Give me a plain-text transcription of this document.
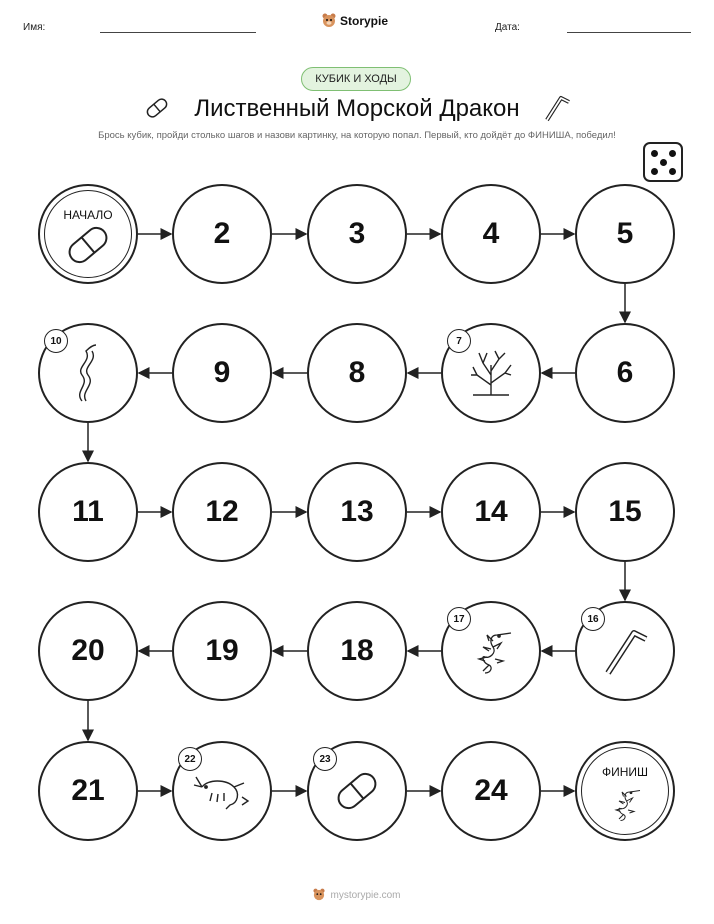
Имя:	Storypie	Дата:
КУБИК И ХОДЫ
Лиственный Морской Дракон
Брось кубик, пройди столько шагов и назови картинку, на которую попал. Первый, кто дойдёт до ФИНИША, победил!
НАЧАЛО
2	3	4	5
6
7
8
9
10
11	12	13	14	15
16
17
18
19
20
21
22	23
24
ФИНИШ
mystorypie.com
